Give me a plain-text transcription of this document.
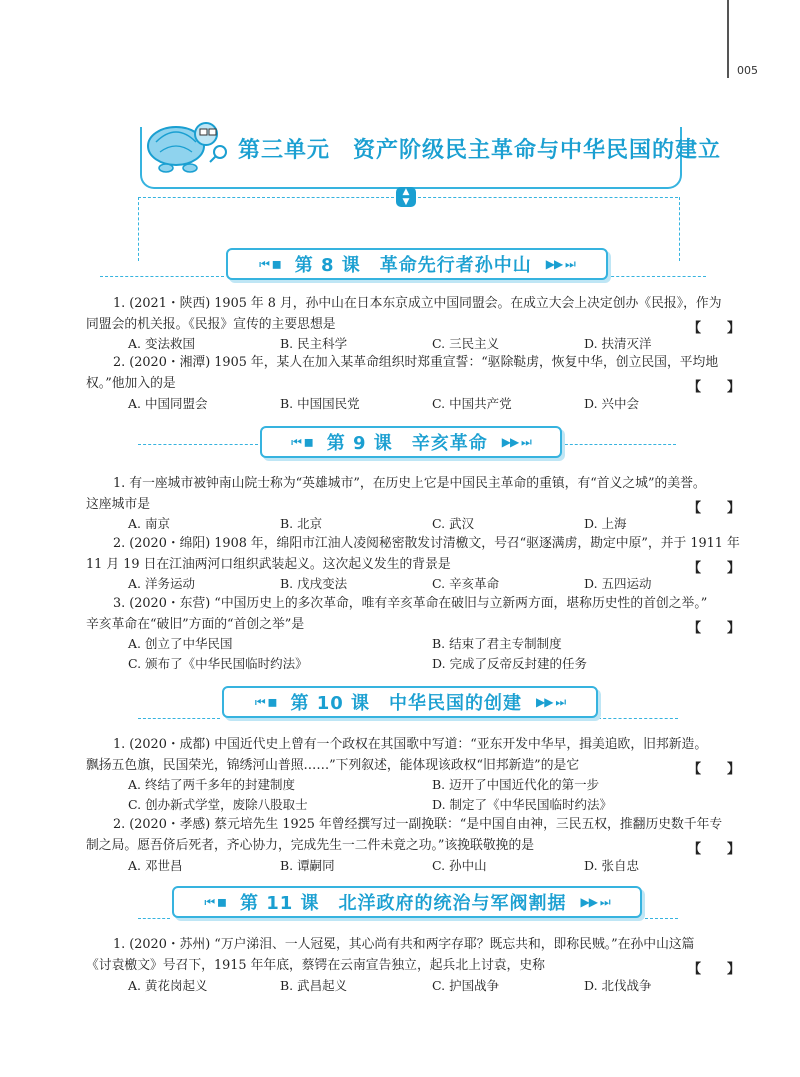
005
第三单元　资产阶级民主革命与中华民国的建立
▲
▼
⏮ ◼ 第 8 课　革命先行者孙中山 ▶▶ ⏭
1. (2021・陕西) 1905 年 8 月，孙中山在日本东京成立中国同盟会。在成立大会上决定创办《民报》，作为
同盟会的机关报。《民报》宣传的主要思想是	【　　】
A. 变法救国	B. 民主科学	C. 三民主义	D. 扶清灭洋
2. (2020・湘潭) 1905 年，某人在加入某革命组织时郑重宣誓：“驱除鞑虏，恢复中华，创立民国，平均地
权。”他加入的是	【　　】
A. 中国同盟会	B. 中国国民党	C. 中国共产党	D. 兴中会
⏮ ◼ 第 9 课　辛亥革命 ▶▶ ⏭
1. 有一座城市被钟南山院士称为“英雄城市”，在历史上它是中国民主革命的重镇，有“首义之城”的美誉。
这座城市是	【　　】
A. 南京	B. 北京	C. 武汉	D. 上海
2. (2020・绵阳) 1908 年，绵阳市江油人凌阅秘密散发讨清檄文，号召“驱逐满虏，勘定中原”，并于 1911 年
11 月 19 日在江油两河口组织武装起义。这次起义发生的背景是	【　　】
A. 洋务运动	B. 戊戌变法	C. 辛亥革命	D. 五四运动
3. (2020・东营) “中国历史上的多次革命，唯有辛亥革命在破旧与立新两方面，堪称历史性的首创之举。”
辛亥革命在“破旧”方面的“首创之举”是	【　　】
A. 创立了中华民国	B. 结束了君主专制制度
C. 颁布了《中华民国临时约法》	D. 完成了反帝反封建的任务
⏮ ◼ 第 10 课　中华民国的创建 ▶▶ ⏭
1. (2020・成都) 中国近代史上曾有一个政权在其国歌中写道：“亚东开发中华早，揖美追欧，旧邦新造。
飘扬五色旗，民国荣光，锦绣河山普照……”下列叙述，能体现该政权“旧邦新造”的是它	【　　】
A. 终结了两千多年的封建制度	B. 迈开了中国近代化的第一步
C. 创办新式学堂，废除八股取士	D. 制定了《中华民国临时约法》
2. (2020・孝感) 蔡元培先生 1925 年曾经撰写过一副挽联：“是中国自由神，三民五权，推翻历史数千年专
制之局。愿吾侪后死者，齐心协力，完成先生一二件未竟之功。”该挽联敬挽的是	【　　】
A. 邓世昌	B. 谭嗣同	C. 孙中山	D. 张自忠
⏮ ◼ 第 11 课　北洋政府的统治与军阀割据 ▶▶ ⏭
1. (2020・苏州) “万户涕泪、一人冠冕，其心尚有共和两字存耶？既忘共和，即称民贼。”在孙中山这篇
《讨袁檄文》号召下，1915 年年底，蔡锷在云南宣告独立，起兵北上讨袁，史称	【　　】
A. 黄花岗起义	B. 武昌起义	C. 护国战争	D. 北伐战争
